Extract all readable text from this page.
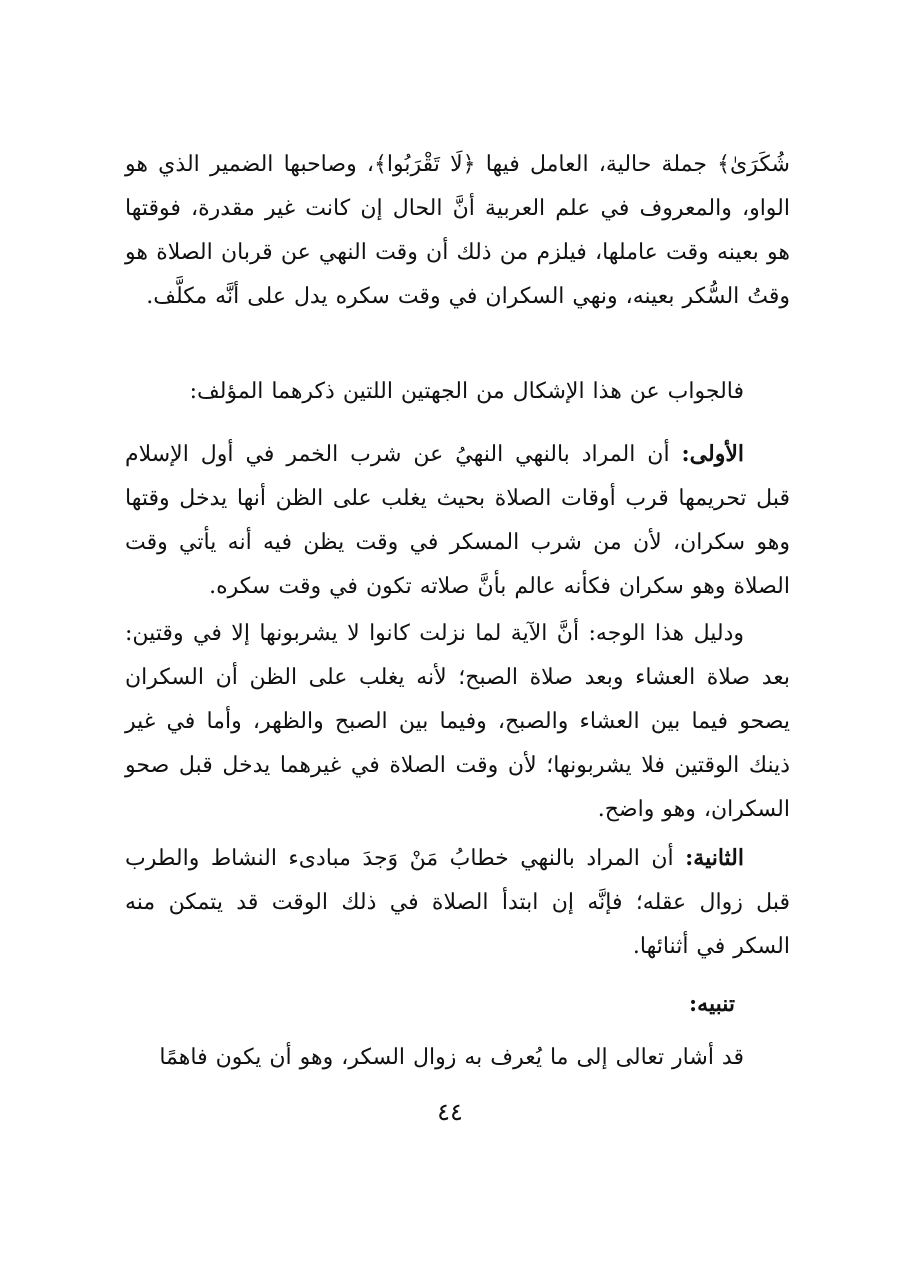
شُكَرَىٰ﴾ جملة حالية، العامل فيها ﴿لَا تَقْرَبُوا﴾، وصاحبها الضمير الذي هو الواو، والمعروف في علم العربية أنَّ الحال إن كانت غير مقدرة، فوقتها هو بعينه وقت عاملها، فيلزم من ذلك أن وقت النهي عن قربان الصلاة هو وقتُ السُّكر بعينه، ونهي السكران في وقت سكره يدل على أنَّه مكلَّف.
فالجواب عن هذا الإشكال من الجهتين اللتين ذكرهما المؤلف:
الأولى: أن المراد بالنهي النهيُ عن شرب الخمر في أول الإسلام قبل تحريمها قرب أوقات الصلاة بحيث يغلب على الظن أنها يدخل وقتها وهو سكران، لأن من شرب المسكر في وقت يظن فيه أنه يأتي وقت الصلاة وهو سكران فكأنه عالم بأنَّ صلاته تكون في وقت سكره.
ودليل هذا الوجه: أنَّ الآية لما نزلت كانوا لا يشربونها إلا في وقتين: بعد صلاة العشاء وبعد صلاة الصبح؛ لأنه يغلب على الظن أن السكران يصحو فيما بين العشاء والصبح، وفيما بين الصبح والظهر، وأما في غير ذينك الوقتين فلا يشربونها؛ لأن وقت الصلاة في غيرهما يدخل قبل صحو السكران، وهو واضح.
الثانية: أن المراد بالنهي خطابُ مَنْ وَجدَ مبادىء النشاط والطرب قبل زوال عقله؛ فإنَّه إن ابتدأ الصلاة في ذلك الوقت قد يتمكن منه السكر في أثنائها.
تنبيه:
قد أشار تعالى إلى ما يُعرف به زوال السكر، وهو أن يكون فاهمًا
٤٤
